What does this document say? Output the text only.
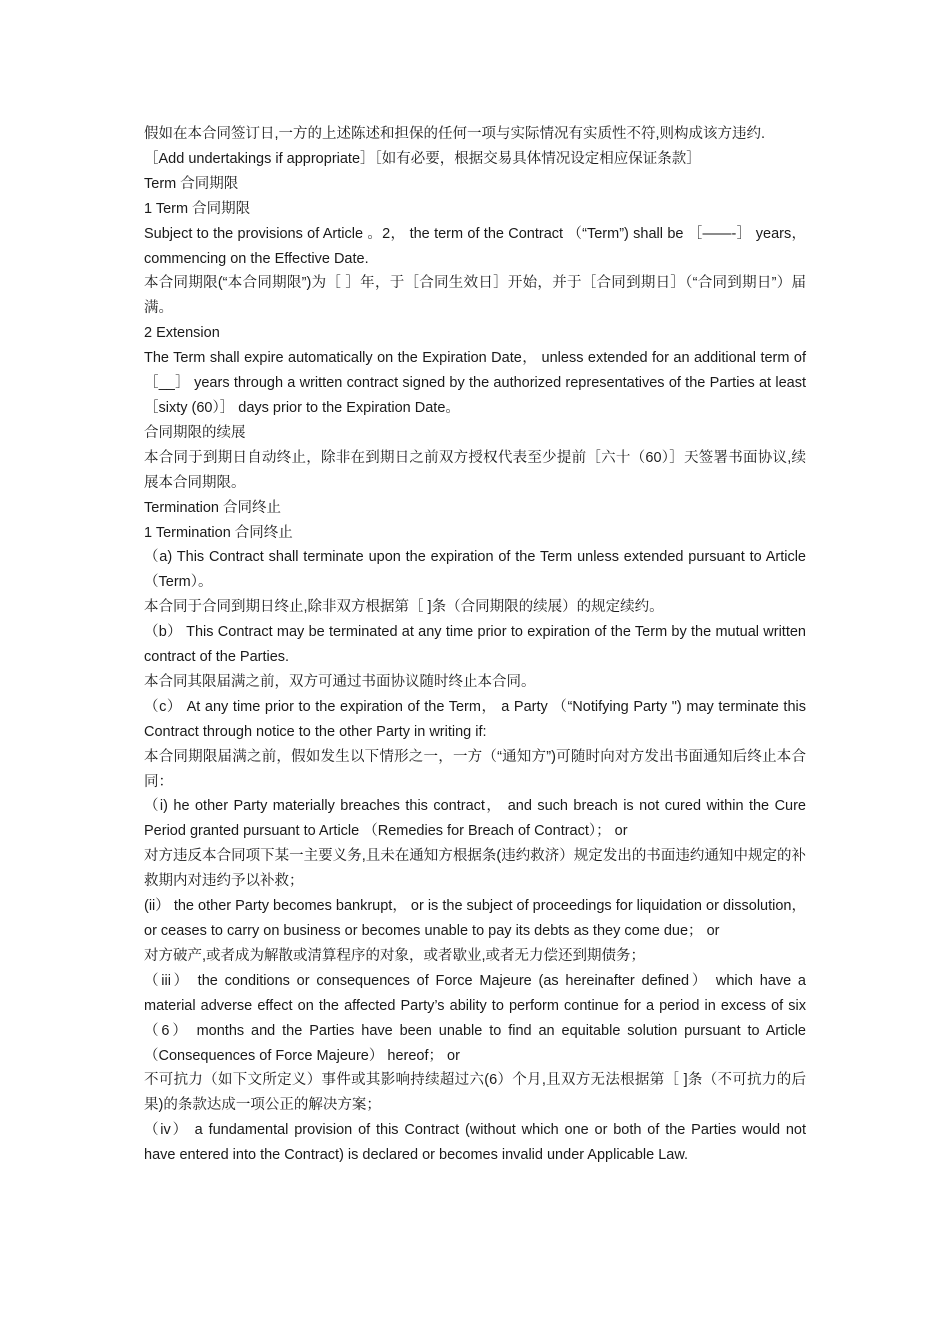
假如在本合同签订日,一方的上述陈述和担保的任何一项与实际情况有实质性不符,则构成该方违约.

［Add undertakings if appropriate］［如有必要，根据交易具体情况设定相应保证条款］

Term 合同期限

1 Term 合同期限

Subject to the provisions of Article 。2， the term of the Contract （“Term”) shall be ［——-］ years， commencing on the Effective Date.

本合同期限(“本合同期限”)为［ ］年，于［合同生效日］开始，并于［合同到期日］（“合同到期日”）届满。

2 Extension

The Term shall expire automatically on the Expiration Date， unless extended for an additional term of ［__］ years through a written contract signed by the authorized representatives of the Parties at least ［sixty (60）］ days prior to the Expiration Date。

合同期限的续展

本合同于到期日自动终止，除非在到期日之前双方授权代表至少提前［六十（60）］天签署书面协议,续展本合同期限。

Termination 合同终止

1 Termination 合同终止

（a) This Contract shall terminate upon the expiration of the Term unless extended pursuant to Article （Term）。

本合同于合同到期日终止,除非双方根据第［ ]条（合同期限的续展）的规定续约。

（b） This Contract may be terminated at any time prior to expiration of the Term by the mutual written contract of the Parties.

本合同其限届满之前，双方可通过书面协议随时终止本合同。

（c） At any time prior to the expiration of the Term， a Party （“Notifying Party ") may terminate this Contract through notice to the other Party in writing if:

本合同期限届满之前，假如发生以下情形之一，一方（“通知方”)可随时向对方发出书面通知后终止本合同：

（i) he other Party materially breaches this contract， and such breach is not cured within the Cure Period granted pursuant to Article （Remedies for Breach of Contract）； or

对方违反本合同项下某一主要义务,且未在通知方根据条(违约救济）规定发出的书面违约通知中规定的补救期内对违约予以补救；

(ii） the other Party becomes bankrupt， or is the subject of proceedings for liquidation or dissolution， or ceases to carry on business or becomes unable to pay its debts as they come due； or

对方破产,或者成为解散或清算程序的对象，或者歇业,或者无力偿还到期债务；

（iii） the conditions or consequences of Force Majeure (as hereinafter defined） which have a material adverse effect on the affected Party’s ability to perform continue for a period in excess of six （6） months and the Parties have been unable to find an equitable solution pursuant to Article （Consequences of Force Majeure） hereof； or

不可抗力（如下文所定义）事件或其影响持续超过六(6）个月,且双方无法根据第［ ]条（不可抗力的后果)的条款达成一项公正的解决方案；

（iv） a fundamental provision of this Contract (without which one or both of the Parties would not have entered into the Contract) is declared or becomes invalid under Applicable Law.
